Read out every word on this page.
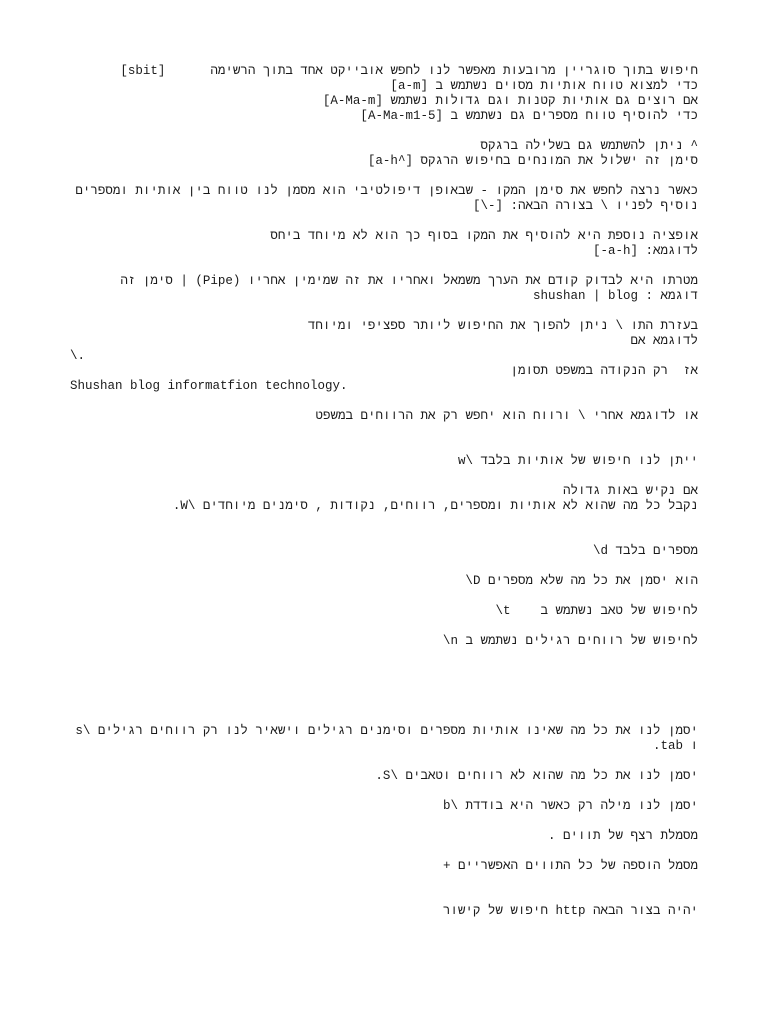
חיפוש בתוך סוגריין מרובעות מאפשר לנו לחפש אובייקט אחד בתוך הרשימה      [sbit]
כדי למצוא טווח אותיות מסוים נשתמש ב [a-m]
אם רוצים גם אותיות קטנות וגם גדולות נשתמש [A-Ma-m]
כדי להוסיף טווח מספרים גם נשתמש ב [A-Ma-m1-5]
^ ניתן להשתמש גם בשלילה ברגקס
סימן זה ישלול את המונחים בחיפוש הרגקס [^a-h]
כאשר נרצה לחפש את סימן המקו - שבאופן דיפולטיבי הוא מסמן לנו טווח בין אותיות ומספרים
נוסיף לפניו \ בצורה הבאה: [-\]
אופציה נוספת היא להוסיף את המקו בסוף כך הוא לא מיוחד ביחס
לדוגמא: [a-h-]
מטרתו היא לבדוק קודם את הערך משמאל ואחריו את זה שמימין אחריו (Pipe) | סימן זה
דוגמא : shushan | blog
בעזרת התו \ ניתן להפוך את החיפוש ליותר ספציפי ומיוחד
לדוגמא אם
\.
אז  רק הנקודה במשפט תסומן
Shushan blog informatfion technology.
או לדוגמא אחרי \ ורווח הוא יחפש רק את הרווחים במשפט
ייתן לנו חיפוש של אותיות בלבד \w
אם נקיש באות גדולה
נקבל כל מה שהוא לא אותיות ומספרים, רווחים, נקודות , סימנים מיוחדים \W.
מספרים בלבד d\
הוא יסמן את כל מה שלא מספרים D\
לחיפוש של טאב נשתמש ב    t\
לחיפוש של רווחים רגילים נשתמש ב n\
יסמן לנו את כל מה שאינו אותיות מספרים וסימנים רגילים וישאיר לנו רק רווחים רגילים \s
ו tab.
יסמן לנו את כל מה שהוא לא רווחים וטאבים \S.
יסמן לנו מילה רק כאשר היא בודדת \b
מסמלת רצף של תווים .
מסמל הוספה של כל התווים האפשריים +
יהיה בצור הבאה http חיפוש של קישור
